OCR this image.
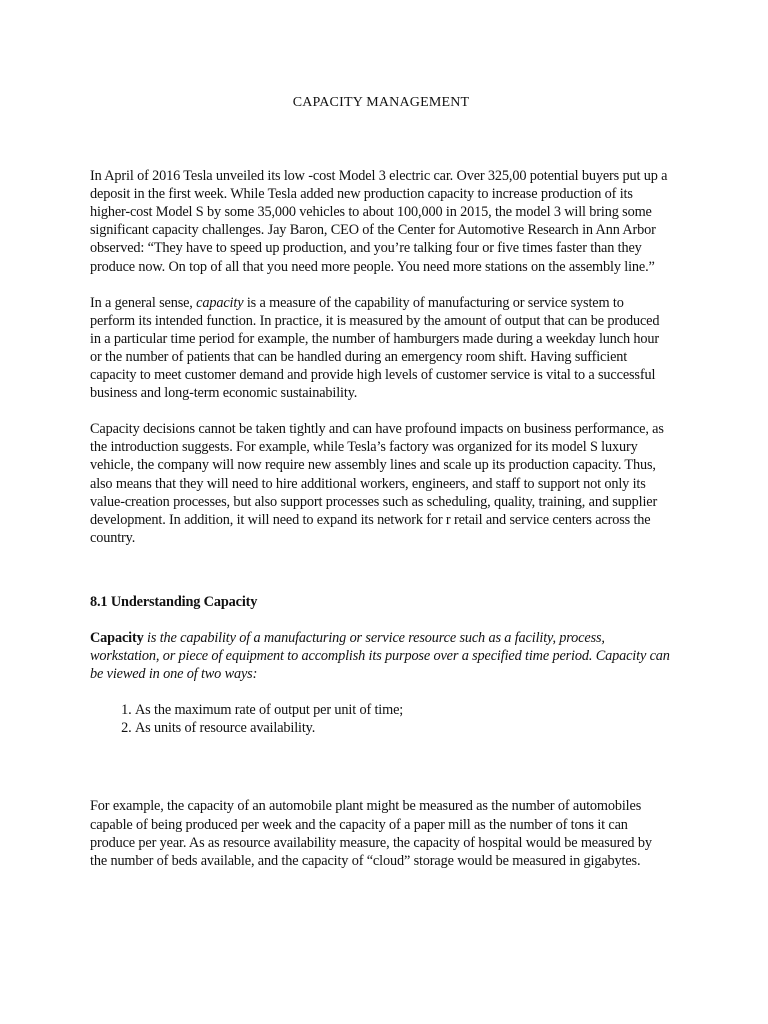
CAPACITY MANAGEMENT

In April of 2016 Tesla unveiled its low -cost Model 3 electric car. Over 325,00 potential buyers put up a deposit in the first week. While Tesla added new production capacity to increase production of its higher-cost Model S by some 35,000 vehicles to about 100,000 in 2015, the model 3 will bring some significant capacity challenges. Jay Baron, CEO of the Center for Automotive Research in Ann Arbor observed: “They have to speed up production, and you’re talking four or five times faster than they produce now. On top of all that you need more people. You need more stations on the assembly line.”

In a general sense, capacity is a measure of the capability of manufacturing or service system to perform its intended function. In practice, it is measured by the amount of output that can be produced in a particular time period for example, the number of hamburgers made during a weekday lunch hour or the number of patients that can be handled during an emergency room shift. Having sufficient capacity to meet customer demand and provide high levels of customer service is vital to a successful business and long-term economic sustainability.

Capacity decisions cannot be taken tightly and can have profound impacts on business performance, as the introduction suggests. For example, while Tesla’s factory was organized for its model S luxury vehicle, the company will now require new assembly lines and scale up its production capacity. Thus, also means that they will need to hire additional workers, engineers, and staff to support not only its value-creation processes, but also support processes such as scheduling, quality, training, and supplier development. In addition, it will need to expand its network for r retail and service centers across the country.

8.1 Understanding Capacity

Capacity is the capability of a manufacturing or service resource such as a facility, process, workstation, or piece of equipment to accomplish its purpose over a specified time period. Capacity can be viewed in one of two ways:

1. As the maximum rate of output per unit of time;
2. As units of resource availability.

For example, the capacity of an automobile plant might be measured as the number of automobiles capable of being produced per week and the capacity of a paper mill as the number of tons it can produce per year. As as resource availability measure, the capacity of hospital would be measured by the number of beds available, and the capacity of “cloud” storage would be measured in gigabytes.
